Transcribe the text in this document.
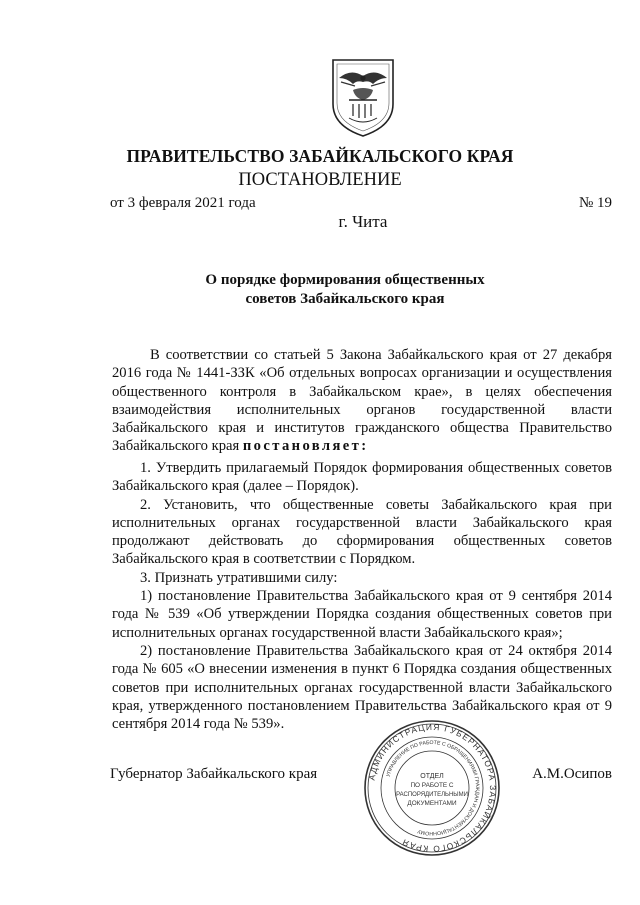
ПРАВИТЕЛЬСТВО ЗАБАЙКАЛЬСКОГО КРАЯ
ПОСТАНОВЛЕНИЕ
от 3 февраля 2021 года	№ 19
г. Чита
О порядке формирования общественных
советов Забайкальского края

В соответствии со статьей 5 Закона Забайкальского края от 27 декабря 2016 года № 1441-ЗЗК «Об отдельных вопросах организации и осуществления общественного контроля в Забайкальском крае», в целях обеспечения взаимодействия исполнительных органов государственной власти Забайкальского края и институтов гражданского общества Правительство Забайкальского края постановляет:

1. Утвердить прилагаемый Порядок формирования общественных советов Забайкальского края (далее – Порядок).

2. Установить, что общественные советы Забайкальского края при исполнительных органах государственной власти Забайкальского края продолжают действовать до сформирования общественных советов Забайкальского края в соответствии с Порядком.

3. Признать утратившими силу:

1) постановление Правительства Забайкальского края от 9 сентября 2014 года № 539 «Об утверждении Порядка создания общественных советов при исполнительных органах государственной власти Забайкальского края»;

2) постановление Правительства Забайкальского края от 24 октября 2014 года № 605 «О внесении изменения в пункт 6 Порядка создания общественных советов при исполнительных органах государственной власти Забайкальского края, утвержденного постановлением Правительства Забайкальского края от 9 сентября 2014 года № 539».

Губернатор Забайкальского края	А.М.Осипов
АДМИНИСТРАЦИЯ ГУБЕРНАТОРА ЗАБАЙКАЛЬСКОГО КРАЯ
УПРАВЛЕНИЕ ПО РАБОТЕ С ОБРАЩЕНИЯМИ ГРАЖДАН И ДОКУМЕНТАЦИОННОМУ
ОТДЕЛ
ПО РАБОТЕ С
РАСПОРЯДИТЕЛЬНЫМИ
ДОКУМЕНТАМИ
